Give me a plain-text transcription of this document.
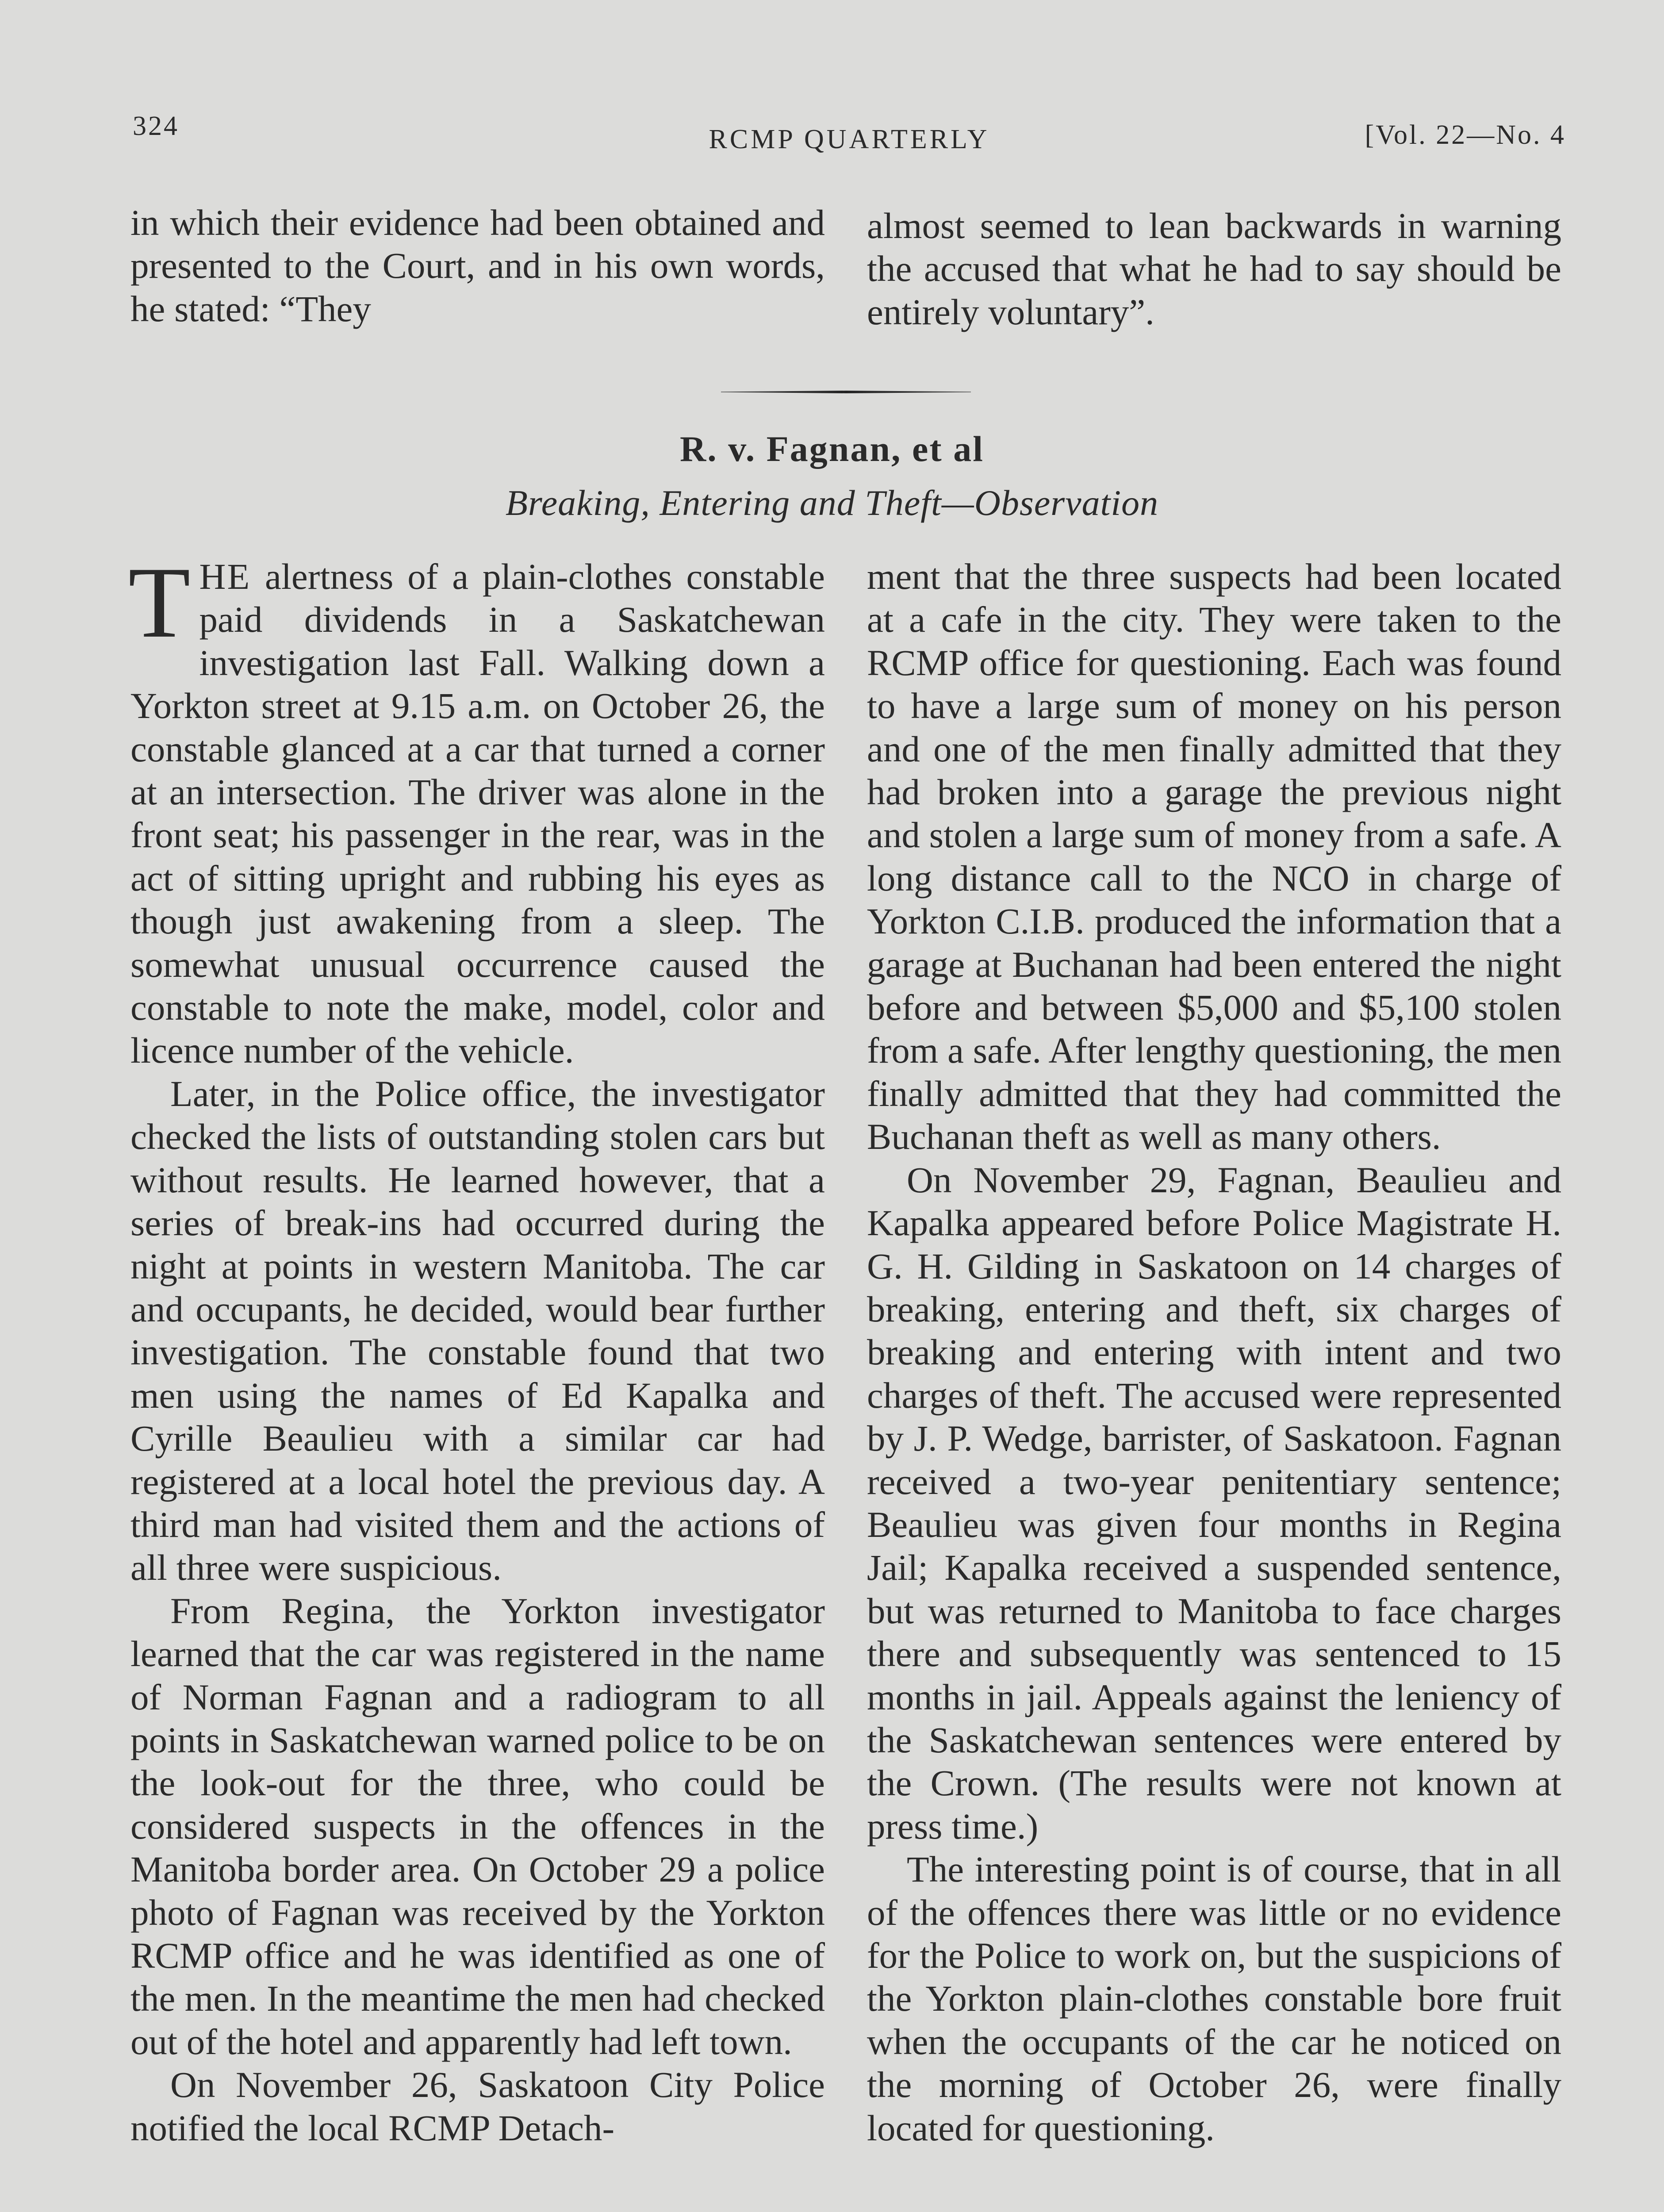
324	RCMP QUARTERLY	[Vol. 22—No. 4

in which their evidence had been obtained and presented to the Court, and in his own words, he stated: “They

almost seemed to lean backwards in warning the accused that what he had to say should be entirely voluntary”.

R. v. Fagnan, et al
Breaking, Entering and Theft—Observation

THE alertness of a plain-clothes constable paid dividends in a Saskatchewan investigation last Fall. Walking down a Yorkton street at 9.15 a.m. on October 26, the constable glanced at a car that turned a corner at an intersection. The driver was alone in the front seat; his passenger in the rear, was in the act of sitting upright and rubbing his eyes as though just awakening from a sleep. The somewhat unusual occurrence caused the constable to note the make, model, color and licence number of the vehicle.

Later, in the Police office, the investigator checked the lists of outstanding stolen cars but without results. He learned however, that a series of break-ins had occurred during the night at points in western Manitoba. The car and occupants, he decided, would bear further investigation. The constable found that two men using the names of Ed Kapalka and Cyrille Beaulieu with a similar car had registered at a local hotel the previous day. A third man had visited them and the actions of all three were suspicious.

From Regina, the Yorkton investigator learned that the car was registered in the name of Norman Fagnan and a radiogram to all points in Saskatchewan warned police to be on the look-out for the three, who could be considered suspects in the offences in the Manitoba border area. On October 29 a police photo of Fagnan was received by the Yorkton RCMP office and he was identified as one of the men. In the meantime the men had checked out of the hotel and apparently had left town.

On November 26, Saskatoon City Police notified the local RCMP Detach-

ment that the three suspects had been located at a cafe in the city. They were taken to the RCMP office for questioning. Each was found to have a large sum of money on his person and one of the men finally admitted that they had broken into a garage the previous night and stolen a large sum of money from a safe. A long distance call to the NCO in charge of Yorkton C.I.B. produced the information that a garage at Buchanan had been entered the night before and between $5,000 and $5,100 stolen from a safe. After lengthy questioning, the men finally admitted that they had committed the Buchanan theft as well as many others.

On November 29, Fagnan, Beaulieu and Kapalka appeared before Police Magistrate H. G. H. Gilding in Saskatoon on 14 charges of breaking, entering and theft, six charges of breaking and entering with intent and two charges of theft. The accused were represented by J. P. Wedge, barrister, of Saskatoon. Fagnan received a two-year penitentiary sentence; Beaulieu was given four months in Regina Jail; Kapalka received a suspended sentence, but was returned to Manitoba to face charges there and subsequently was sentenced to 15 months in jail. Appeals against the leniency of the Saskatchewan sentences were entered by the Crown. (The results were not known at press time.)

The interesting point is of course, that in all of the offences there was little or no evidence for the Police to work on, but the suspicions of the Yorkton plain-clothes constable bore fruit when the occupants of the car he noticed on the morning of October 26, were finally located for questioning.
